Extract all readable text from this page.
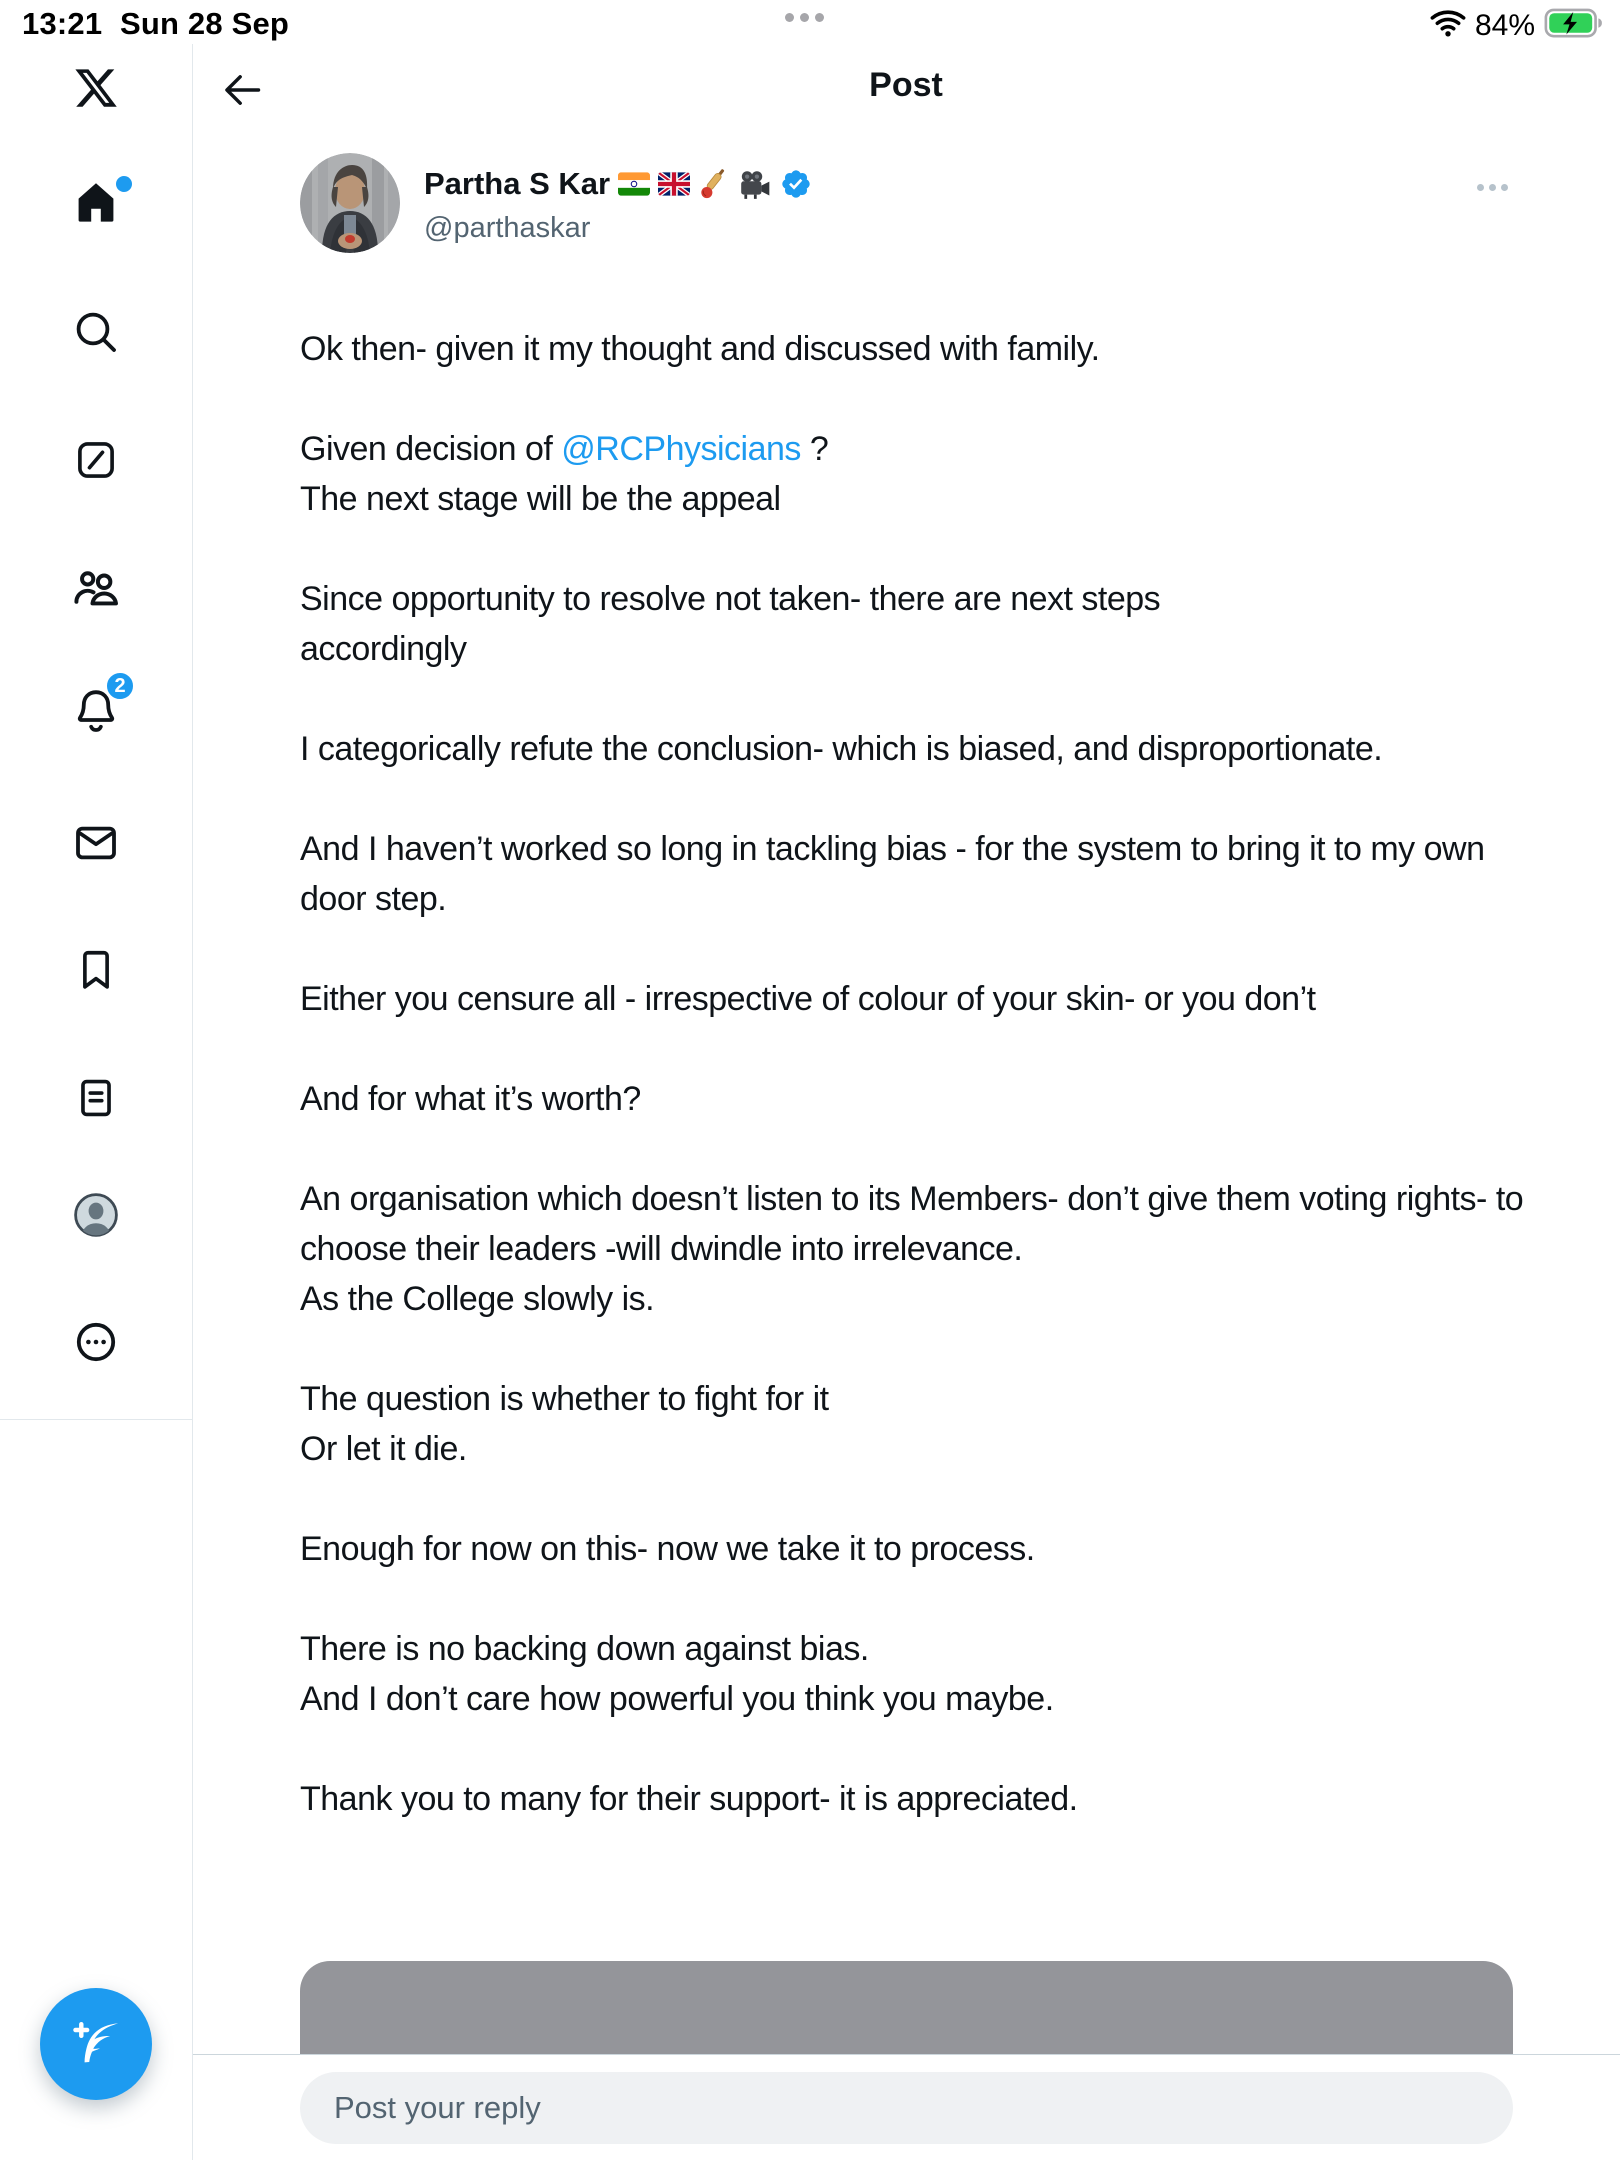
13:21 Sun 28 Sep	84%
2
Post
Partha S Kar
@parthaskar

Ok then- given it my thought and discussed with family.

Given decision of @RCPhysicians ?
The next stage will be the appeal

Since opportunity to resolve not taken- there are next steps
accordingly

I categorically refute the conclusion- which is biased, and disproportionate.

And I haven’t worked so long in tackling bias - for the system to bring it to my own door step.

Either you censure all - irrespective of colour of your skin- or you don’t

And for what it’s worth?

An organisation which doesn’t listen to its Members- don’t give them voting rights- to choose their leaders -will dwindle into irrelevance.
As the College slowly is.

The question is whether to fight for it
Or let it die.

Enough for now on this- now we take it to process.

There is no backing down against bias.
And I don’t care how powerful you think you maybe.

Thank you to many for their support- it is appreciated.

Post your reply
